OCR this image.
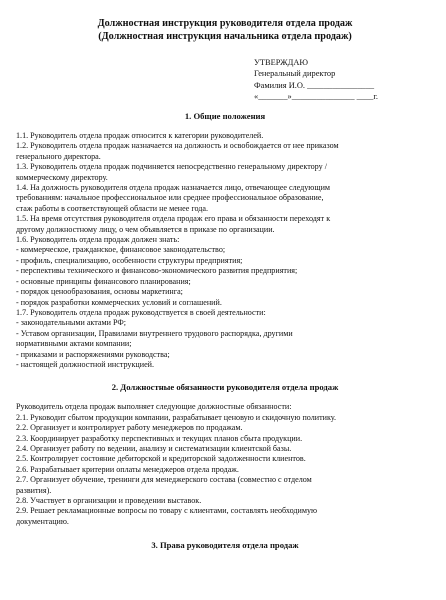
Должностная инструкция руководителя отдела продаж
(Должностная инструкция начальника отдела продаж)
УТВЕРЖДАЮ
Генеральный директор
Фамилия И.О. ________________
«_______»_______________ ____г.
1. Общие положения
1.1. Руководитель отдела продаж относится к категории руководителей.
1.2. Руководитель отдела продаж назначается на должность и освобождается от нее приказом
генерального директора.
1.3. Руководитель отдела продаж подчиняется непосредственно генеральному директору /
коммерческому директору.
1.4. На должность руководителя отдела продаж назначается лицо, отвечающее следующим
требованиям: начальное профессиональное или среднее профессиональное образование,
стаж работы в соответствующей области не менее года.
1.5. На время отсутствия руководителя отдела продаж его права и обязанности переходят к
другому должностному лицу, о чем объявляется в приказе по организации.
1.6. Руководитель отдела продаж должен знать:
- коммерческое, гражданское, финансовое законодательство;
- профиль, специализацию, особенности структуры предприятия;
- перспективы технического и финансово-экономического развития предприятия;
- основные принципы финансового планирования;
- порядок ценообразования, основы маркетинга;
- порядок разработки коммерческих условий и соглашений.
1.7. Руководитель отдела продаж руководствуется в своей деятельности:
- законодательными актами РФ;
- Уставом организации, Правилами внутреннего трудового распорядка, другими
нормативными актами компании;
- приказами и распоряжениями руководства;
- настоящей должностной инструкцией.
2. Должностные обязанности руководителя отдела продаж
Руководитель отдела продаж выполняет следующие должностные обязанности:
2.1. Руководит сбытом продукции компании, разрабатывает ценовую и скидочную политику.
2.2. Организует и контролирует работу менеджеров по продажам.
2.3. Координирует разработку перспективных и текущих планов сбыта продукции.
2.4. Организует работу по ведении, анализу и систематизации клиентской базы.
2.5. Контролирует состояние дебиторской и кредиторской задолженности клиентов.
2.6. Разрабатывает критерии оплаты менеджеров отдела продаж.
2.7. Организует обучение, тренинги для менеджерского состава (совместно с отделом
развития).
2.8. Участвует в организации и проведении выставок.
2.9. Решает рекламационные вопросы по товару с клиентами, составлять необходимую
документацию.
3. Права руководителя отдела продаж
